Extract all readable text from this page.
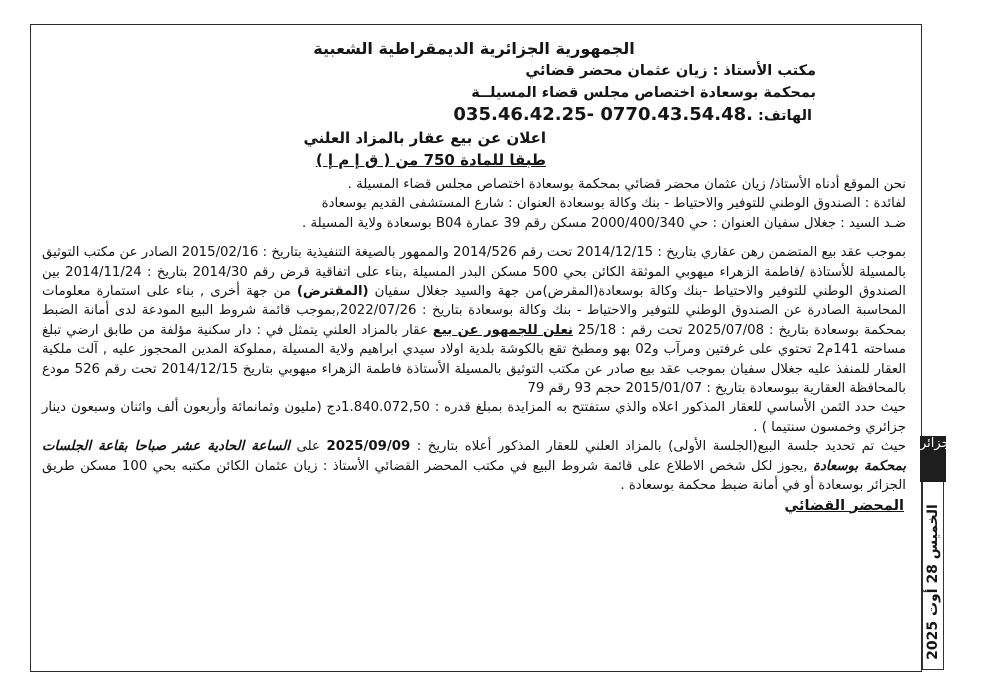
الجمهورية الجزائرية الديمقراطية الشعبية
مكتب الأستاذ : زيان عثمان محضر قضائي
بمحكمة بوسعادة اختصاص مجلس قضاء المسيلــة
الهاتف: 035.46.42.25- 0770.43.54.48.
اعلان عن بيع عقار بالمزاد العلني
طبقا للمادة 750 من ( ق إ م إ )

نحن الموقع أدناه الأستاذ/ زيان عثمان محضر قضائي بمحكمة بوسعادة اختصاص مجلس قضاء المسيلة .

لفائدة : الصندوق الوطني للتوفير والاحتياط - بنك وكالة بوسعادة العنوان : شارع المستشفى القديم بوسعادة

ضـد السيد : جغلال سفيان العنوان : حي 2000/400/340 مسكن رقم 39 عمارة B04 بوسعادة ولاية المسيلة .

بموجب عقد بيع المتضمن رهن عقاري بتاريخ : 2014/12/15 تحت رقم 2014/526 والممهور بالصيغة التنفيذية بتاريخ : 2015/02/16 الصادر عن مكتب التوثيق بالمسيلة للأستاذة /فاطمة الزهراء ميهوبي الموثقة الكائن بحي 500 مسكن البدر المسيلة ,بناء على اتفاقية قرض رقم 2014/30 بتاريخ : 2014/11/24 بين الصندوق الوطني للتوفير والاحتياط -بنك وكالة بوسعادة(المقرض)من جهة والسيد جغلال سفيان (المقترض) من جهة أخرى , بناء على استمارة معلومات المحاسبة الصادرة عن الصندوق الوطني للتوفير والاحتياط - بنك وكالة بوسعادة بتاريخ : 2022/07/26,بموجب قائمة شروط البيع المودعة لدى أمانة الضبط بمحكمة بوسعادة بتاريخ : 2025/07/08 تحت رقم : 25/18 نعلن للجمهور عن بيع عقار بالمزاد العلني يتمثل في : دار سكنية مؤلفة من طابق ارضي تبلغ مساحته 141م2 تحتوي على غرفتين ومرآب و02 بهو ومطبخ تقع بالكوشة بلدية اولاد سيدي ابراهيم ولاية المسيلة ,مملوكة المدين المحجوز عليه , آلت ملكية العقار للمنفذ عليه جغلال سفيان بموجب عقد بيع صادر عن مكتب التوثيق بالمسيلة الأستاذة فاطمة الزهراء ميهوبي بتاريخ 2014/12/15 تحت رقم 526 مودع بالمحافظة العقارية ببوسعادة بتاريخ : 2015/01/07 حجم 93 رقم 79

حيث حدد الثمن الأساسي للعقار المذكور اعلاه والذي ستفتتح به المزايدة بمبلغ قدره : 1.840.072,50دج (مليون وثمانمائة وأربعون ألف واثنان وسبعون دينار جزائري وخمسون سنتيما ) .

حيث تم تحديد جلسة البيع(الجلسة الأولى) بالمزاد العلني للعقار المذكور أعلاه بتاريخ : 2025/09/09 على الساعة الحادية عشر صباحا بقاعة الجلسات بمحكمة بوسعادة ,يجوز لكل شخص الاطلاع على قائمة شروط البيع في مكتب المحضر القضائي الأستاذ : زيان عثمان الكائن مكتبه بحي 100 مسكن طريق الجزائر بوسعادة أو في أمانة ضبط محكمة بوسعادة .

المحضر القضائي
الخميس 28 أوت 2025
الجزائر
